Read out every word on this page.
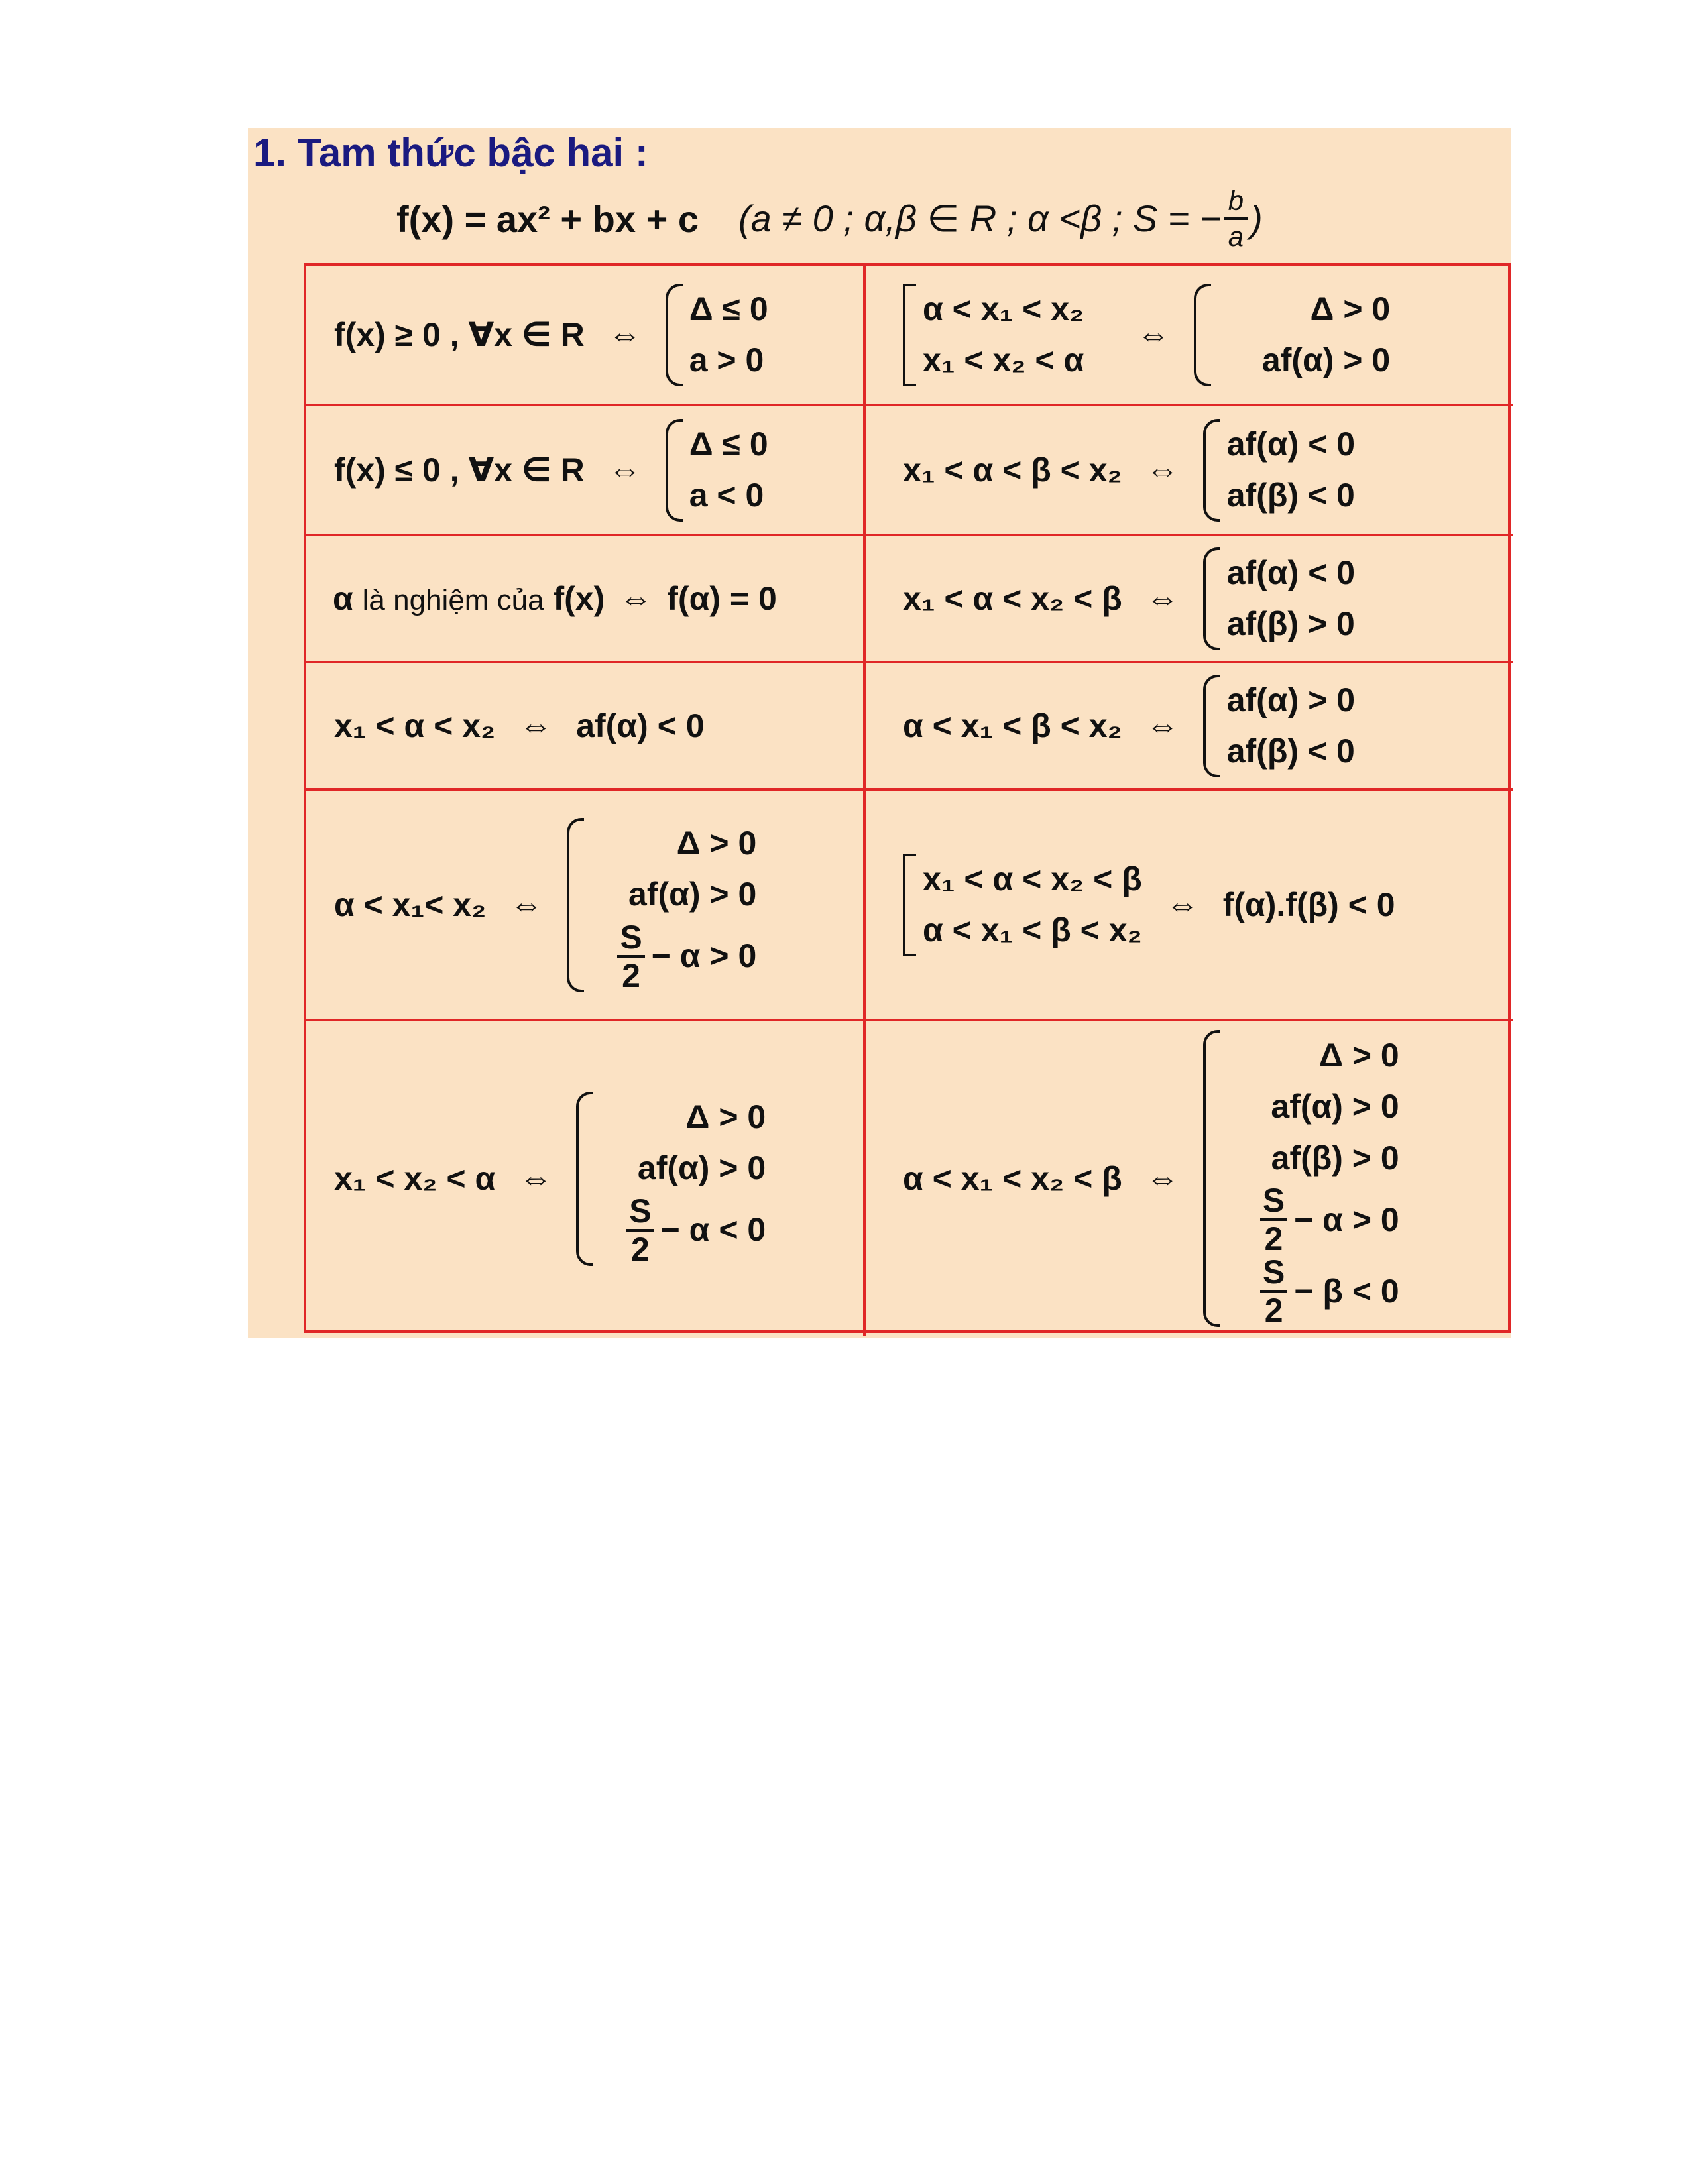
1. Tam thức bậc hai :
f(x) = ax² + bx + c (a ≠ 0 ; α,β ∈ R ; α <β ; S = − $\frac{b}{a}$ )
f(x) ≥ 0 , ∀x ∈ R ⇔
Δ ≤ 0
a > 0
α < x₁ < x₂
x₁ < x₂ < α
⇔
Δ > 0
af(α) > 0
f(x) ≤ 0 , ∀x ∈ R ⇔
Δ ≤ 0
a < 0
x₁ < α < β < x₂ ⇔
af(α) < 0
af(β) < 0
α là nghiệm của f(x) ⇔ f(α) = 0	x₁ < α < x₂ < β ⇔
af(α) < 0
af(β) > 0
x₁ < α < x₂ ⇔ af(α) < 0	α < x₁ < β < x₂ ⇔
af(α) > 0
af(β) < 0
α < x₁< x₂ ⇔
Δ > 0
af(α) > 0
$\frac{S}{2} - \alpha > 0$
x₁ < α < x₂ < β
α < x₁ < β < x₂
⇔ f(α).f(β) < 0
x₁ < x₂ < α ⇔
Δ > 0
af(α) > 0
$\frac{S}{2} - \alpha < 0$
α < x₁ < x₂ < β ⇔
Δ > 0
af(α) > 0
af(β) > 0
$\frac{S}{2} - \alpha > 0$
$\frac{S}{2} - \beta < 0$
